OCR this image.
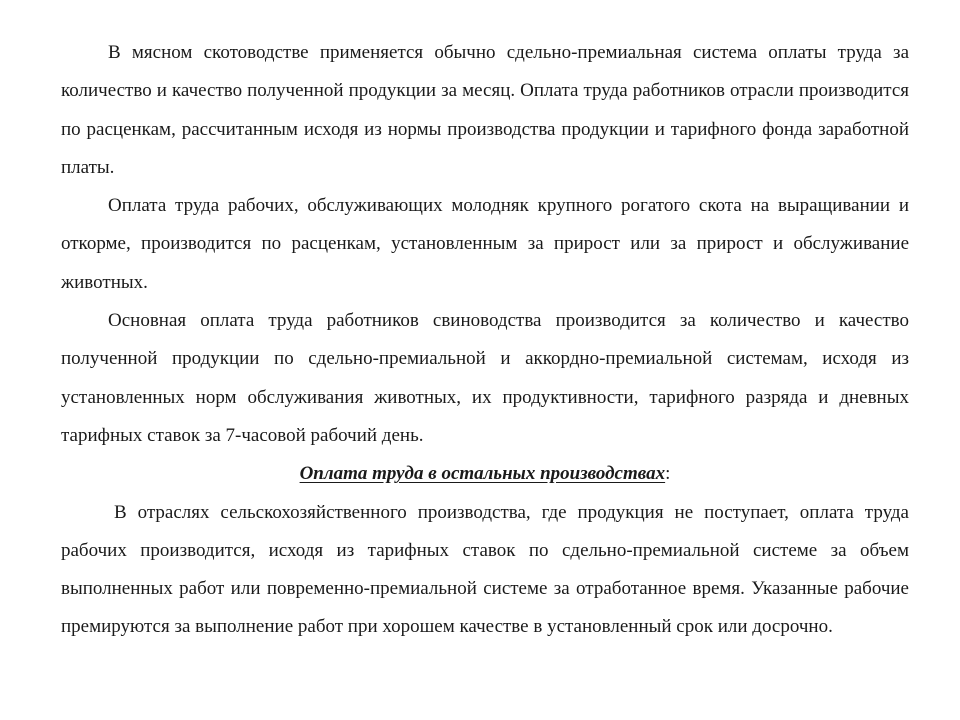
В мясном скотоводстве применяется обычно сдельно-премиальная система оплаты труда за количество и качество полученной продукции за месяц. Оплата труда работников отрасли производится по расценкам, рассчитанным исходя из нормы производства продукции и тарифного фонда заработной платы.

Оплата труда рабочих, обслуживающих молодняк крупного рогатого скота на выращивании и откорме, производится по расценкам, установленным за прирост или за прирост и обслуживание животных.

Основная оплата труда работников свиноводства производится за количество и качество полученной продукции по сдельно-премиальной и аккордно-премиальной системам, исходя из установленных норм обслуживания животных, их продуктивности, тарифного разряда и дневных тарифных ставок за 7-часовой рабочий день.

Оплата труда в остальных производствах:

В отраслях сельскохозяйственного производства, где продукция не поступает, оплата труда рабочих производится, исходя из тарифных ставок по сдельно-премиальной системе за объем выполненных работ или повременно-премиальной системе за отработанное время. Указанные рабочие премируются за выполнение работ при хорошем качестве в установленный срок или досрочно.
